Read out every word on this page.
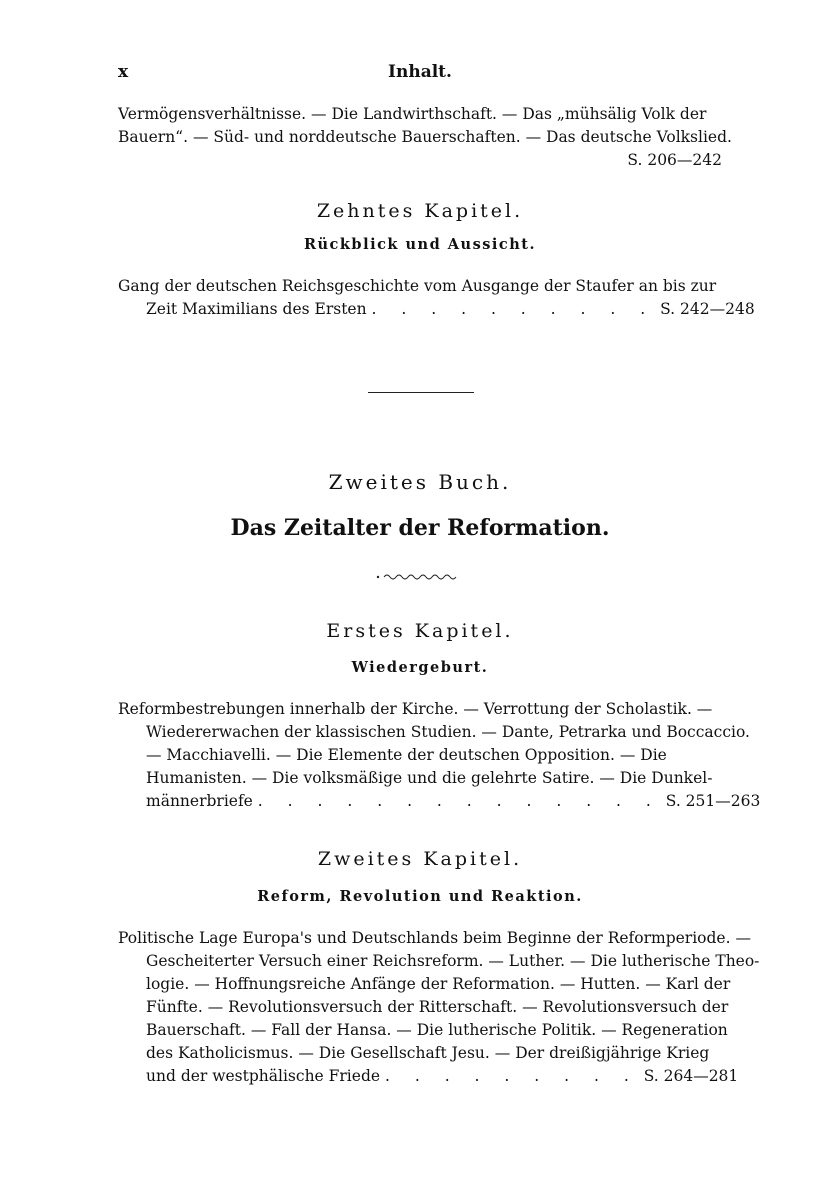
x	Inhalt.
Vermögensverhältnisse. — Die Landwirthschaft. — Das „mühsälig Volk der
Bauern“. — Süd- und norddeutsche Bauerschaften. — Das deutsche Volkslied.
S. 206—242
Zehntes Kapitel.
Rückblick und Aussicht.
Gang der deutschen Reichsgeschichte vom Ausgange der Staufer an bis zur
Zeit Maximilians des Ersten . . . . . . . . . . S. 242—248
Zweites Buch.
Das Zeitalter der Reformation.
Erstes Kapitel.
Wiedergeburt.
Reformbestrebungen innerhalb der Kirche. — Verrottung der Scholastik. —
Wiedererwachen der klassischen Studien. — Dante, Petrarka und Boccaccio.
— Macchiavelli. — Die Elemente der deutschen Opposition. — Die
Humanisten. — Die volksmäßige und die gelehrte Satire. — Die Dunkel-
männerbriefe . . . . . . . . . . . . . . S. 251—263
Zweites Kapitel.
Reform, Revolution und Reaktion.
Politische Lage Europa's und Deutschlands beim Beginne der Reformperiode. —
Gescheiterter Versuch einer Reichsreform. — Luther. — Die lutherische Theo-
logie. — Hoffnungsreiche Anfänge der Reformation. — Hutten. — Karl der
Fünfte. — Revolutionsversuch der Ritterschaft. — Revolutionsversuch der
Bauerschaft. — Fall der Hansa. — Die lutherische Politik. — Regeneration
des Katholicismus. — Die Gesellschaft Jesu. — Der dreißigjährige Krieg
und der westphälische Friede . . . . . . . . . S. 264—281
